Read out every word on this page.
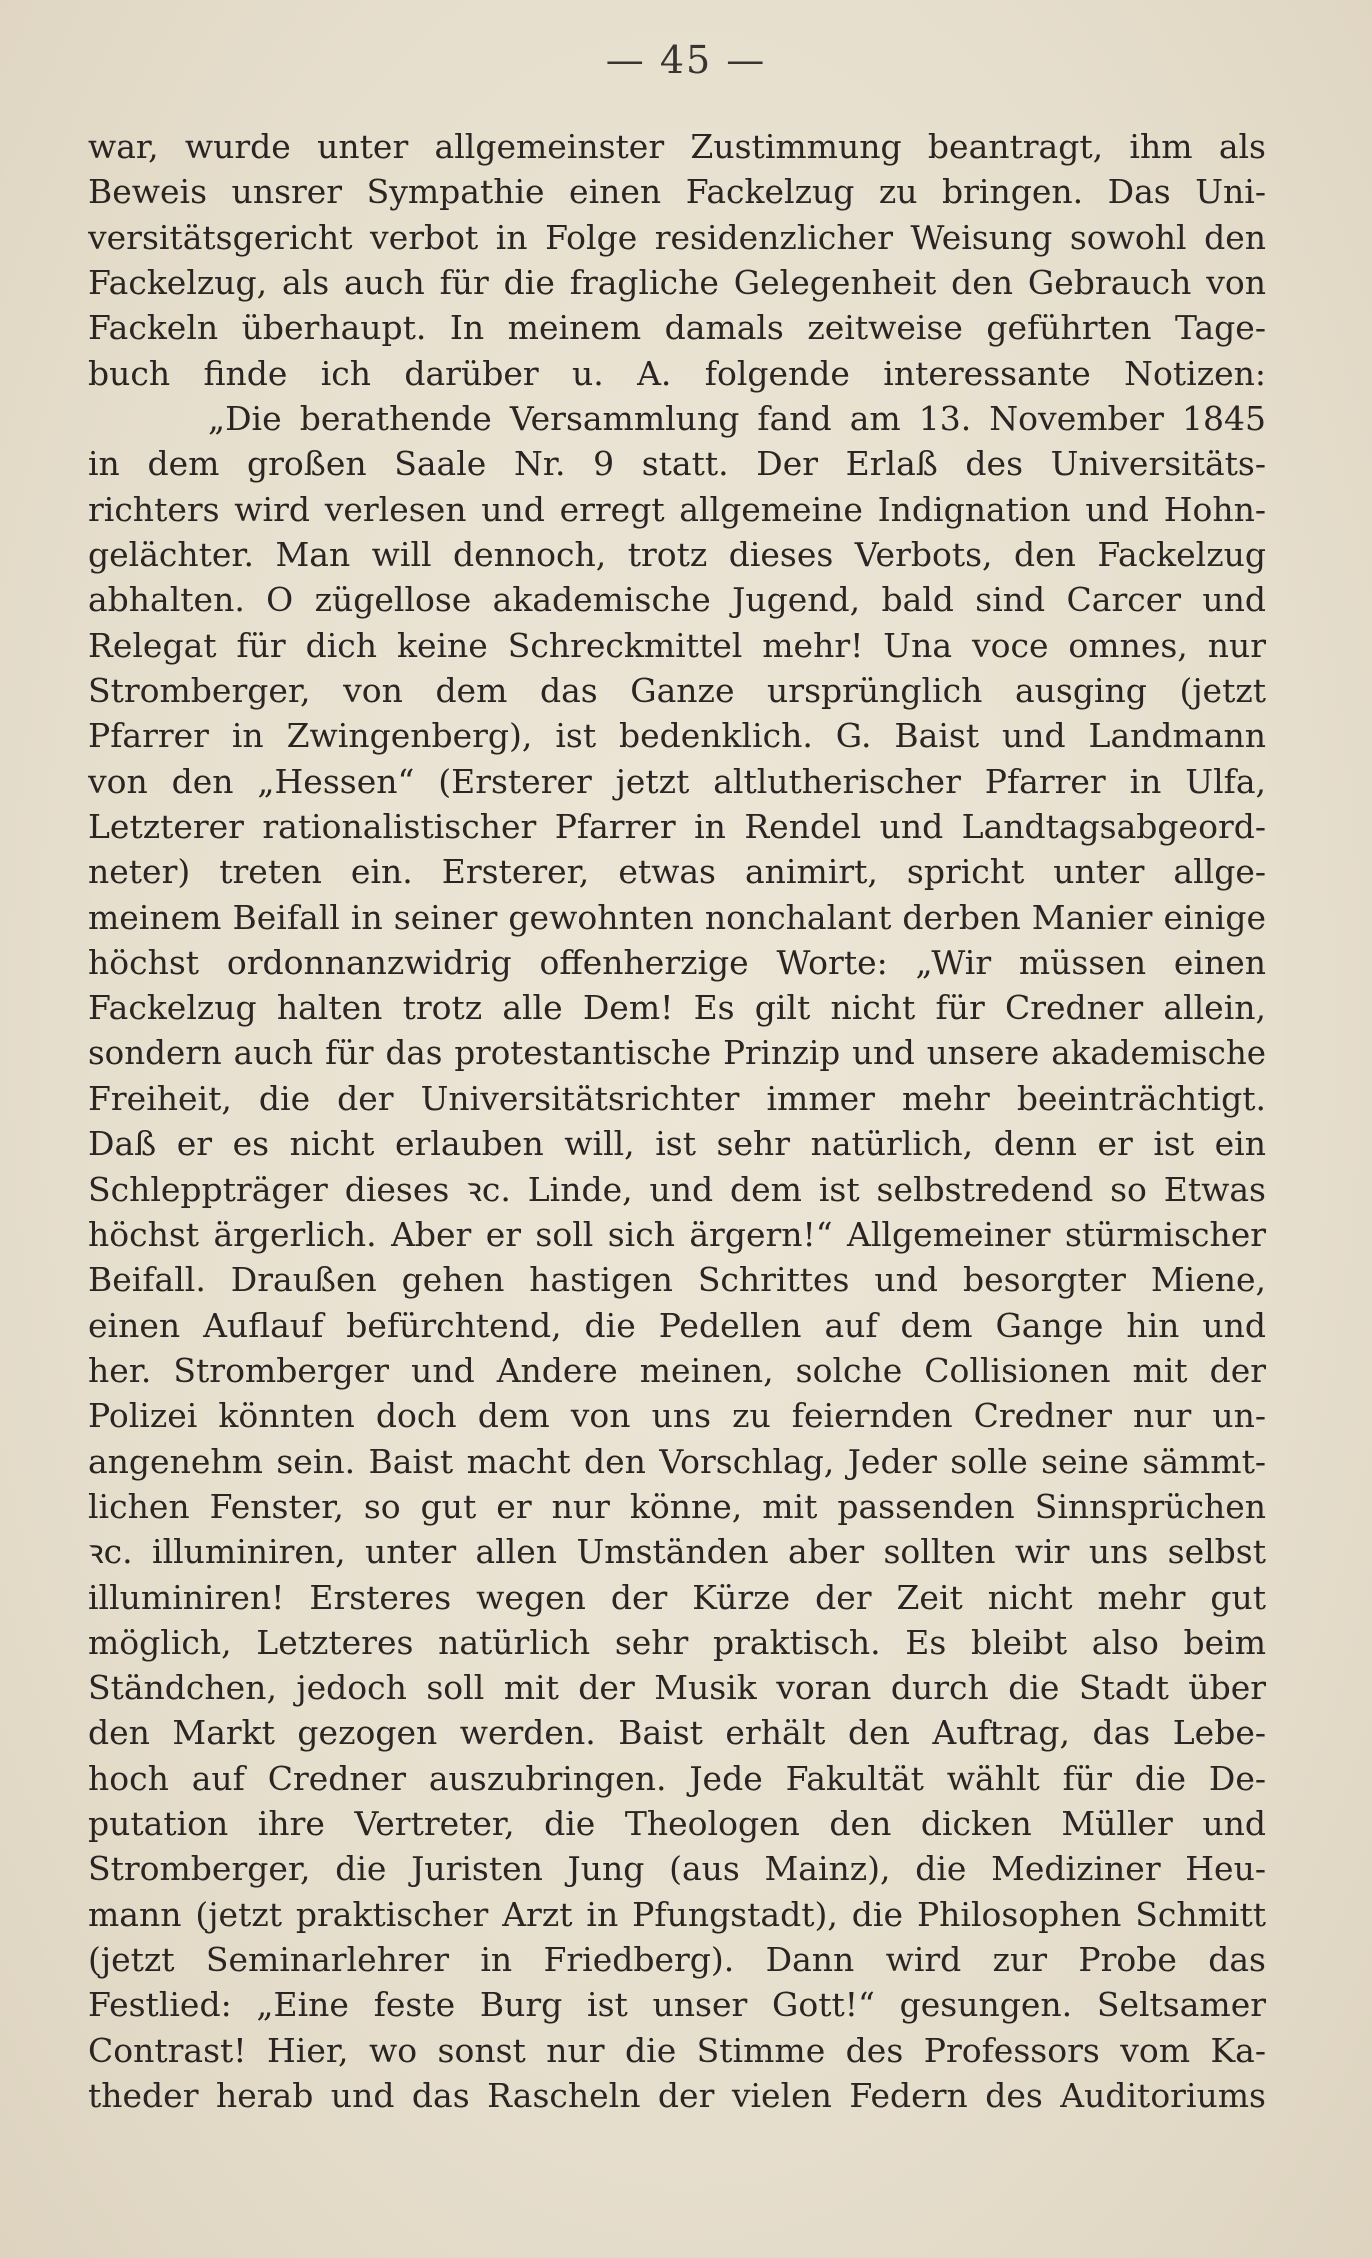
— 45 —
war, wurde unter allgemeinster Zustimmung beantragt, ihm als
Beweis unsrer Sympathie einen Fackelzug zu bringen. Das Uni-
versitätsgericht verbot in Folge residenzlicher Weisung sowohl den
Fackelzug, als auch für die fragliche Gelegenheit den Gebrauch von
Fackeln überhaupt. In meinem damals zeitweise geführten Tage-
buch finde ich darüber u. A. folgende interessante Notizen:
„Die berathende Versammlung fand am 13. November 1845
in dem großen Saale Nr. 9 statt. Der Erlaß des Universitäts-
richters wird verlesen und erregt allgemeine Indignation und Hohn-
gelächter. Man will dennoch, trotz dieses Verbots, den Fackelzug
abhalten. O zügellose akademische Jugend, bald sind Carcer und
Relegat für dich keine Schreckmittel mehr! Una voce omnes, nur
Stromberger, von dem das Ganze ursprünglich ausging (jetzt
Pfarrer in Zwingenberg), ist bedenklich. G. Baist und Landmann
von den „Hessen“ (Ersterer jetzt altlutherischer Pfarrer in Ulfa,
Letzterer rationalistischer Pfarrer in Rendel und Landtagsabgeord-
neter) treten ein. Ersterer, etwas animirt, spricht unter allge-
meinem Beifall in seiner gewohnten nonchalant derben Manier einige
höchst ordonnanzwidrig offenherzige Worte: „Wir müssen einen
Fackelzug halten trotz alle Dem! Es gilt nicht für Credner allein,
sondern auch für das protestantische Prinzip und unsere akademische
Freiheit, die der Universitätsrichter immer mehr beeinträchtigt.
Daß er es nicht erlauben will, ist sehr natürlich, denn er ist ein
Schleppträger dieses ꝛc. Linde, und dem ist selbstredend so Etwas
höchst ärgerlich. Aber er soll sich ärgern!“ Allgemeiner stürmischer
Beifall. Draußen gehen hastigen Schrittes und besorgter Miene,
einen Auflauf befürchtend, die Pedellen auf dem Gange hin und
her. Stromberger und Andere meinen, solche Collisionen mit der
Polizei könnten doch dem von uns zu feiernden Credner nur un-
angenehm sein. Baist macht den Vorschlag, Jeder solle seine sämmt-
lichen Fenster, so gut er nur könne, mit passenden Sinnsprüchen
ꝛc. illuminiren, unter allen Umständen aber sollten wir uns selbst
illuminiren! Ersteres wegen der Kürze der Zeit nicht mehr gut
möglich, Letzteres natürlich sehr praktisch. Es bleibt also beim
Ständchen, jedoch soll mit der Musik voran durch die Stadt über
den Markt gezogen werden. Baist erhält den Auftrag, das Lebe-
hoch auf Credner auszubringen. Jede Fakultät wählt für die De-
putation ihre Vertreter, die Theologen den dicken Müller und
Stromberger, die Juristen Jung (aus Mainz), die Mediziner Heu-
mann (jetzt praktischer Arzt in Pfungstadt), die Philosophen Schmitt
(jetzt Seminarlehrer in Friedberg). Dann wird zur Probe das
Festlied: „Eine feste Burg ist unser Gott!“ gesungen. Seltsamer
Contrast! Hier, wo sonst nur die Stimme des Professors vom Ka-
theder herab und das Rascheln der vielen Federn des Auditoriums
